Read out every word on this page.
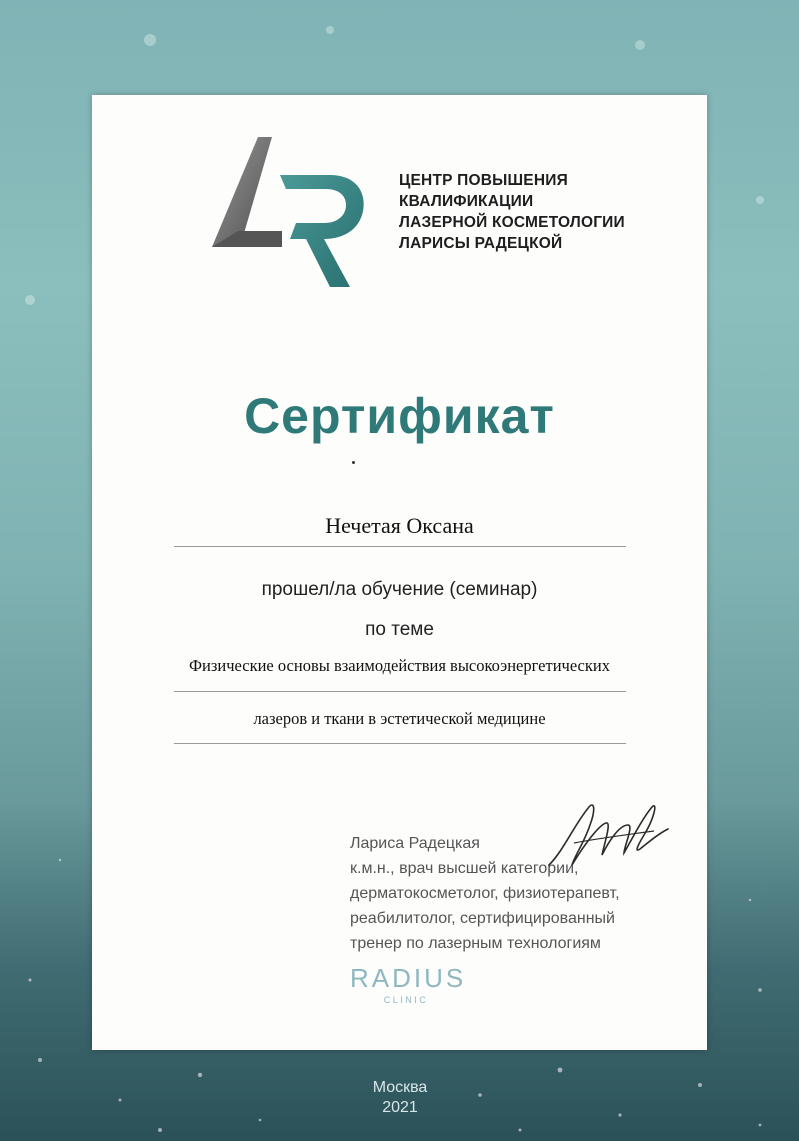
ЦЕНТР ПОВЫШЕНИЯ
КВАЛИФИКАЦИИ
ЛАЗЕРНОЙ КОСМЕТОЛОГИИ
ЛАРИСЫ РАДЕЦКОЙ
Сертификат
Нечетая Оксана
прошел/ла обучение (семинар)
по теме
Физические основы взаимодействия высокоэнергетических
лазеров и ткани в эстетической медицине
Лариса Радецкая
к.м.н., врач высшей категории,
дерматокосметолог, физиотерапевт,
реабилитолог, сертифицированный
тренер по лазерным технологиям
RADIUS
CLINIC
Москва
2021
